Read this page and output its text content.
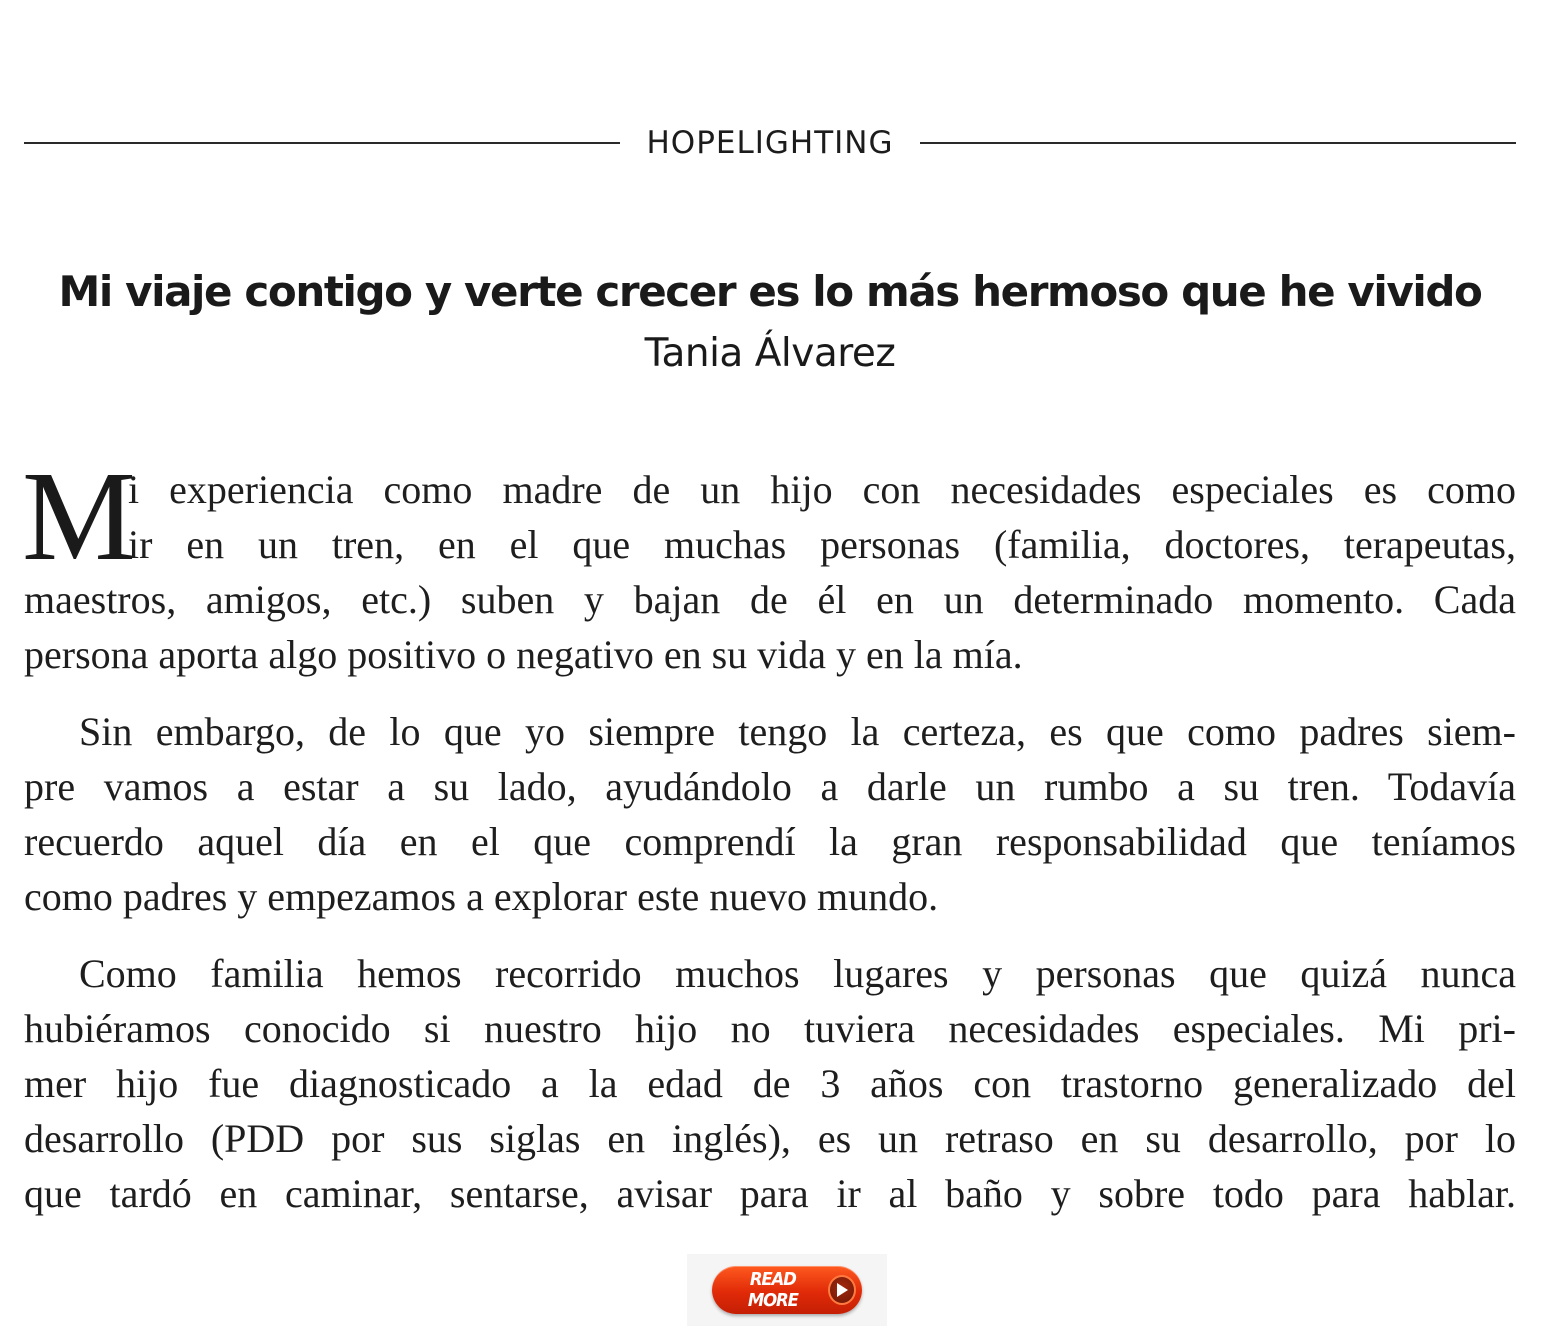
HOPELIGHTING
Mi viaje contigo y verte crecer es lo más hermoso que he vivido
Tania Álvarez
M
i experiencia como madre de un hijo con necesidades especiales es como
ir en un tren, en el que muchas personas (familia, doctores, terapeutas,
maestros, amigos, etc.) suben y bajan de él en un determinado momento. Cada
persona aporta algo positivo o negativo en su vida y en la mía.
Sin embargo, de lo que yo siempre tengo la certeza, es que como padres siem-
pre vamos a estar a su lado, ayudándolo a darle un rumbo a su tren. Todavía
recuerdo aquel día en el que comprendí la gran responsabilidad que teníamos
como padres y empezamos a explorar este nuevo mundo.
Como familia hemos recorrido muchos lugares y personas que quizá nunca
hubiéramos conocido si nuestro hijo no tuviera necesidades especiales. Mi pri-
mer hijo fue diagnosticado a la edad de 3 años con trastorno generalizado del
desarrollo (PDD por sus siglas en inglés), es un retraso en su desarrollo, por lo
que tardó en caminar, sentarse, avisar para ir al baño y sobre todo para hablar.
READ MORE
